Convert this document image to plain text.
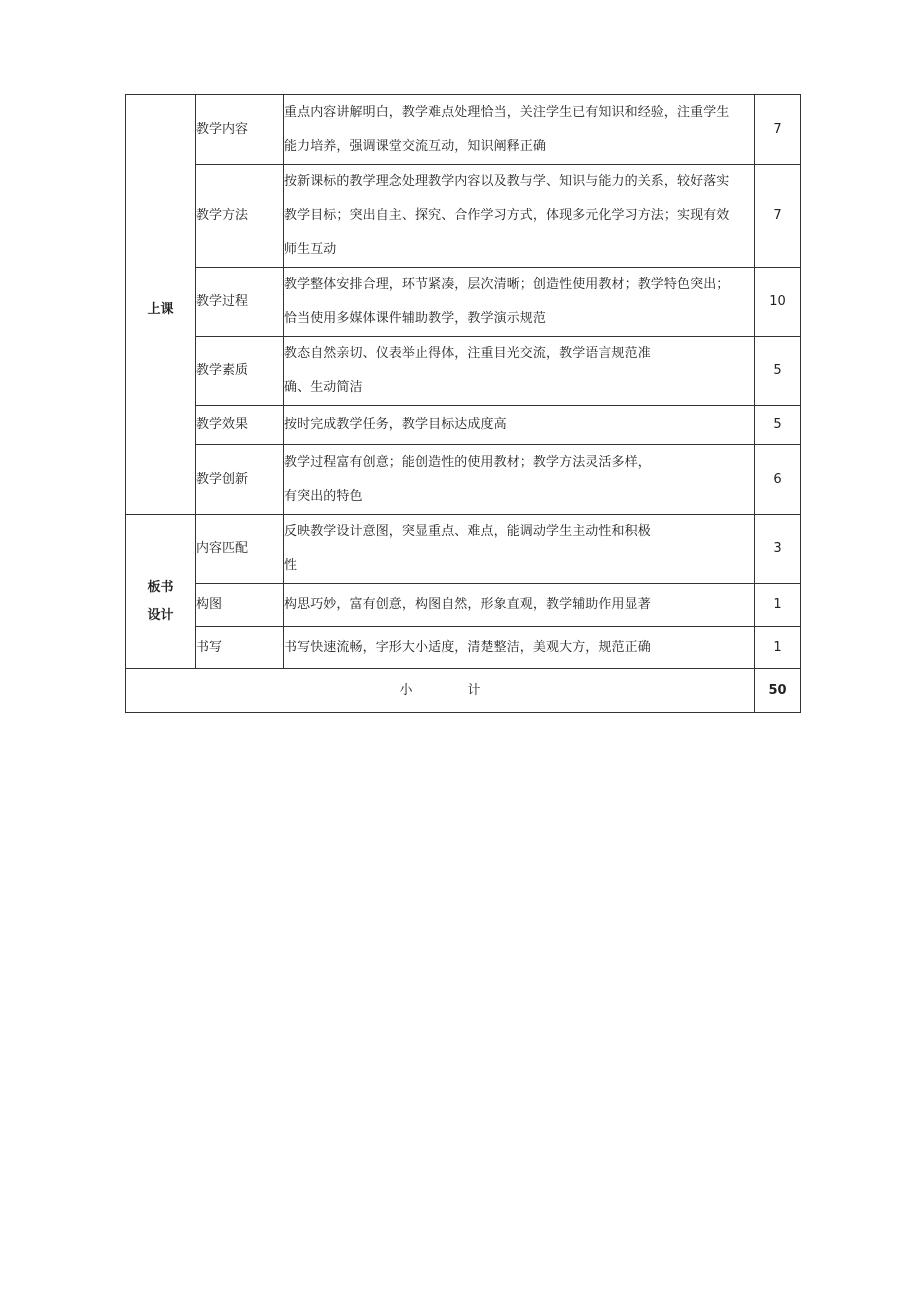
上课	教学内容	重点内容讲解明白，教学难点处理恰当，关注学生已有知识和经验，注重学生
能力培养，强调课堂交流互动，知识阐释正确	7
	教学方法	按新课标的教学理念处理教学内容以及教与学、知识与能力的关系，较好落实
教学目标；突出自主、探究、合作学习方式，体现多元化学习方法；实现有效
师生互动	7
	教学过程	教学整体安排合理，环节紧凑，层次清晰；创造性使用教材；教学特色突出；
恰当使用多媒体课件辅助教学，教学演示规范	10
	教学素质	教态自然亲切、仪表举止得体，注重目光交流，教学语言规范准
确、生动简洁	5
	教学效果	按时完成教学任务，教学目标达成度高	5
	教学创新	教学过程富有创意；能创造性的使用教材；教学方法灵活多样，
有突出的特色	6

板书
设计	内容匹配	反映教学设计意图，突显重点、难点，能调动学生主动性和积极
性	3
	构图	构思巧妙，富有创意，构图自然，形象直观，教学辅助作用显著	1
	书写	书写快速流畅，字形大小适度，清楚整洁，美观大方，规范正确	1
小 计			50
